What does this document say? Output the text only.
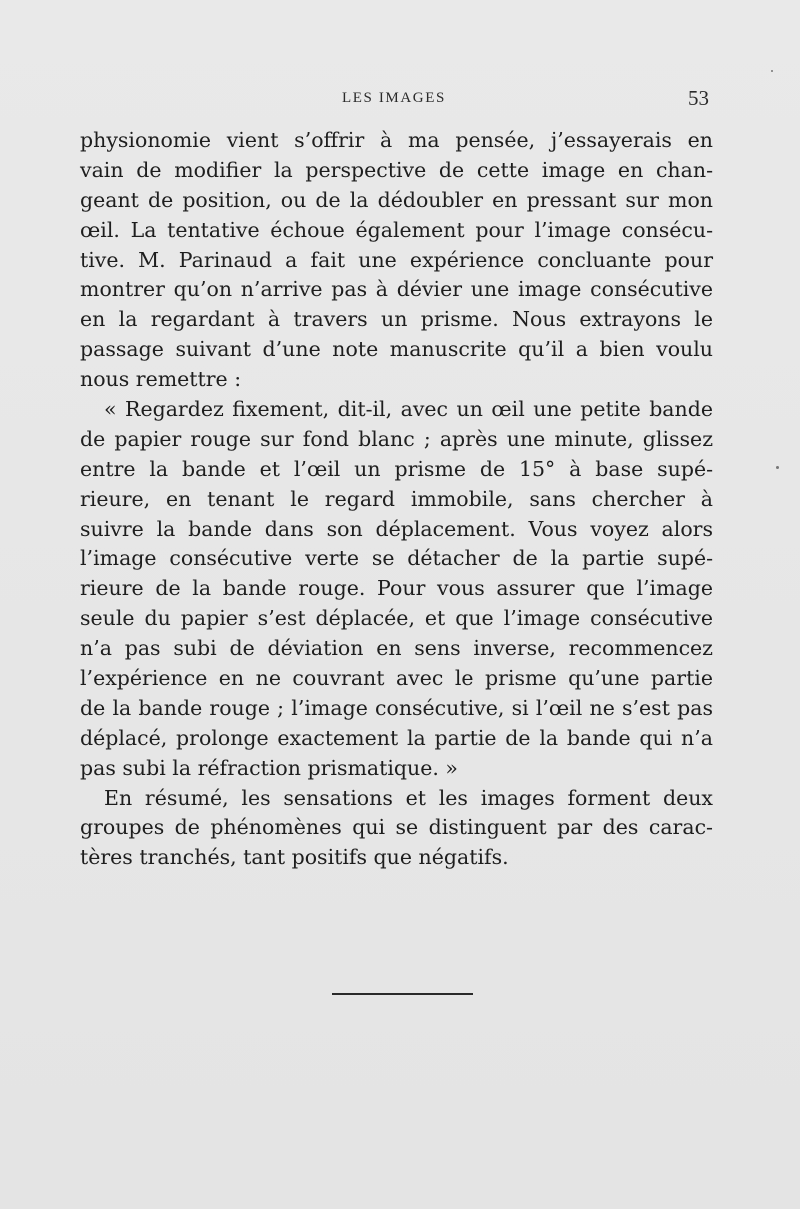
LES IMAGES	53
physionomie vient s’offrir à ma pensée, j’essayerais en
vain de modifier la perspective de cette image en chan-
geant de position, ou de la dédoubler en pressant sur mon
œil. La tentative échoue également pour l’image consécu-
tive. M. Parinaud a fait une expérience concluante pour
montrer qu’on n’arrive pas à dévier une image consécutive
en la regardant à travers un prisme. Nous extrayons le
passage suivant d’une note manuscrite qu’il a bien voulu
nous remettre :
« Regardez fixement, dit-il, avec un œil une petite bande
de papier rouge sur fond blanc ; après une minute, glissez
entre la bande et l’œil un prisme de 15° à base supé-
rieure, en tenant le regard immobile, sans chercher à
suivre la bande dans son déplacement. Vous voyez alors
l’image consécutive verte se détacher de la partie supé-
rieure de la bande rouge. Pour vous assurer que l’image
seule du papier s’est déplacée, et que l’image consécutive
n’a pas subi de déviation en sens inverse, recommencez
l’expérience en ne couvrant avec le prisme qu’une partie
de la bande rouge ; l’image consécutive, si l’œil ne s’est pas
déplacé, prolonge exactement la partie de la bande qui n’a
pas subi la réfraction prismatique. »
En résumé, les sensations et les images forment deux
groupes de phénomènes qui se distinguent par des carac-
tères tranchés, tant positifs que négatifs.
